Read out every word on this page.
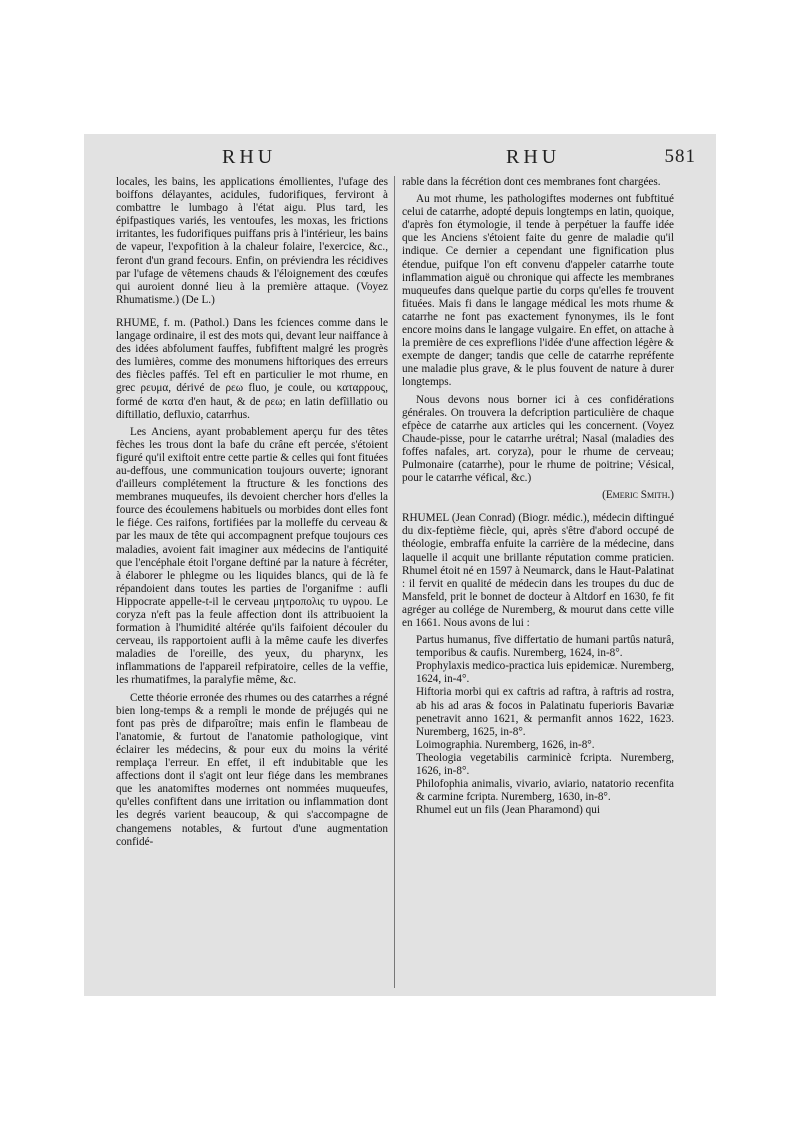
RHU	RHU	581

locales, les bains, les applications émollientes, l'ufage des boiffons délayantes, acidules, fudorifiques, ferviront à combattre le lumbago à l'état aigu. Plus tard, les épifpastiques variés, les ventoufes, les moxas, les frictions irritantes, les fudorifiques puiffans pris à l'intérieur, les bains de vapeur, l'expofition à la chaleur folaire, l'exercice, &c., feront d'un grand fecours. Enfin, on préviendra les récidives par l'ufage de vêtemens chauds & l'éloignement des cœufes qui auroient donné lieu à la première attaque. (Voyez Rhumatisme.) (De L.)

RHUME, f. m. (Pathol.) Dans les fciences comme dans le langage ordinaire, il est des mots qui, devant leur naiffance à des idées abfolument fauffes, fubfiftent malgré les progrès des lumières, comme des monumens hiftoriques des erreurs des fiècles paffés. Tel eft en particulier le mot rhume, en grec ρευμα, dérivé de ρεω fluo, je coule, ou καταρρους, formé de κατα d'en haut, & de ρεω; en latin defîillatio ou diftillatio, defluxio, catarrhus.

Les Anciens, ayant probablement aperçu fur des têtes fèches les trous dont la bafe du crâne eft percée, s'étoient figuré qu'il exiftoit entre cette partie & celles qui font fituées au-deffous, une communication toujours ouverte; ignorant d'ailleurs complétement la ftructure & les fonctions des membranes muqueufes, ils devoient chercher hors d'elles la fource des écoulemens habituels ou morbides dont elles font le fiége. Ces raifons, fortifiées par la molleffe du cerveau & par les maux de tête qui accompagnent prefque toujours ces maladies, avoient fait imaginer aux médecins de l'antiquité que l'encéphale étoit l'organe deftiné par la nature à fécréter, à élaborer le phlegme ou les liquides blancs, qui de là fe répandoient dans toutes les parties de l'organifme : aufli Hippocrate appelle-t-il le cerveau μητροπολις τυ υγρου. Le coryza n'eft pas la feule affection dont ils attribuoient la formation à l'humidité altérée qu'ils faifoient découler du cerveau, ils rapportoient aufli à la même caufe les diverfes maladies de l'oreille, des yeux, du pharynx, les inflammations de l'appareil refpiratoire, celles de la veffie, les rhumatifmes, la paralyfie même, &c.

Cette théorie erronée des rhumes ou des catarrhes a régné bien long-temps & a rempli le monde de préjugés qui ne font pas près de difparoître; mais enfin le flambeau de l'anatomie, & furtout de l'anatomie pathologique, vint éclairer les médecins, & pour eux du moins la vérité remplaça l'erreur. En effet, il eft indubitable que les affections dont il s'agit ont leur fiége dans les membranes que les anatomiftes modernes ont nommées muqueufes, qu'elles confiftent dans une irritation ou inflammation dont les degrés varient beaucoup, & qui s'accompagne de changemens notables, & furtout d'une augmentation confidé-

rable dans la fécrétion dont ces membranes font chargées.

Au mot rhume, les pathologiftes modernes ont fubftitué celui de catarrhe, adopté depuis longtemps en latin, quoique, d'après fon étymologie, il tende à perpétuer la fauffe idée que les Anciens s'étoient faite du genre de maladie qu'il indique. Ce dernier a cependant une fignification plus étendue, puifque l'on eft convenu d'appeler catarrhe toute inflammation aiguë ou chronique qui affecte les membranes muqueufes dans quelque partie du corps qu'elles fe trouvent fituées. Mais fi dans le langage médical les mots rhume & catarrhe ne font pas exactement fynonymes, ils le font encore moins dans le langage vulgaire. En effet, on attache à la première de ces expreflions l'idée d'une affection légère & exempte de danger; tandis que celle de catarrhe repréfente une maladie plus grave, & le plus fouvent de nature à durer longtemps.

Nous devons nous borner ici à ces confidérations générales. On trouvera la defcription particulière de chaque efpèce de catarrhe aux articles qui les concernent. (Voyez Chaude-pisse, pour le catarrhe urétral; Nasal (maladies des foffes nafales, art. coryza), pour le rhume de cerveau; Pulmonaire (catarrhe), pour le rhume de poitrine; Vésical, pour le catarrhe véfical, &c.)

(Emeric Smith.)

RHUMEL (Jean Conrad) (Biogr. médic.), médecin diftingué du dix-feptième fiècle, qui, après s'être d'abord occupé de théologie, embraffa enfuite la carrière de la médecine, dans laquelle il acquit une brillante réputation comme praticien. Rhumel étoit né en 1597 à Neumarck, dans le Haut-Palatinat : il fervit en qualité de médecin dans les troupes du duc de Mansfeld, prit le bonnet de docteur à Altdorf en 1630, fe fit agréger au collége de Nuremberg, & mourut dans cette ville en 1661. Nous avons de lui :

Partus humanus, fîve differtatio de humani partûs naturâ, temporibus & caufis. Nuremberg, 1624, in-8°.

Prophylaxis medico-practica luis epidemicæ. Nuremberg, 1624, in-4°.

Hiftoria morbi qui ex caftris ad raftra, à raftris ad rostra, ab his ad aras & focos in Palatinatu fuperioris Bavariæ penetravit anno 1621, & permanfit annos 1622, 1623. Nuremberg, 1625, in-8°.

Loimographia. Nuremberg, 1626, in-8°.

Theologia vegetabilis carminicè fcripta. Nuremberg, 1626, in-8°.

Philofophia animalis, vivario, aviario, natatorio recenfita & carmine fcripta. Nuremberg, 1630, in-8°.

Rhumel eut un fils (Jean Pharamond) qui
